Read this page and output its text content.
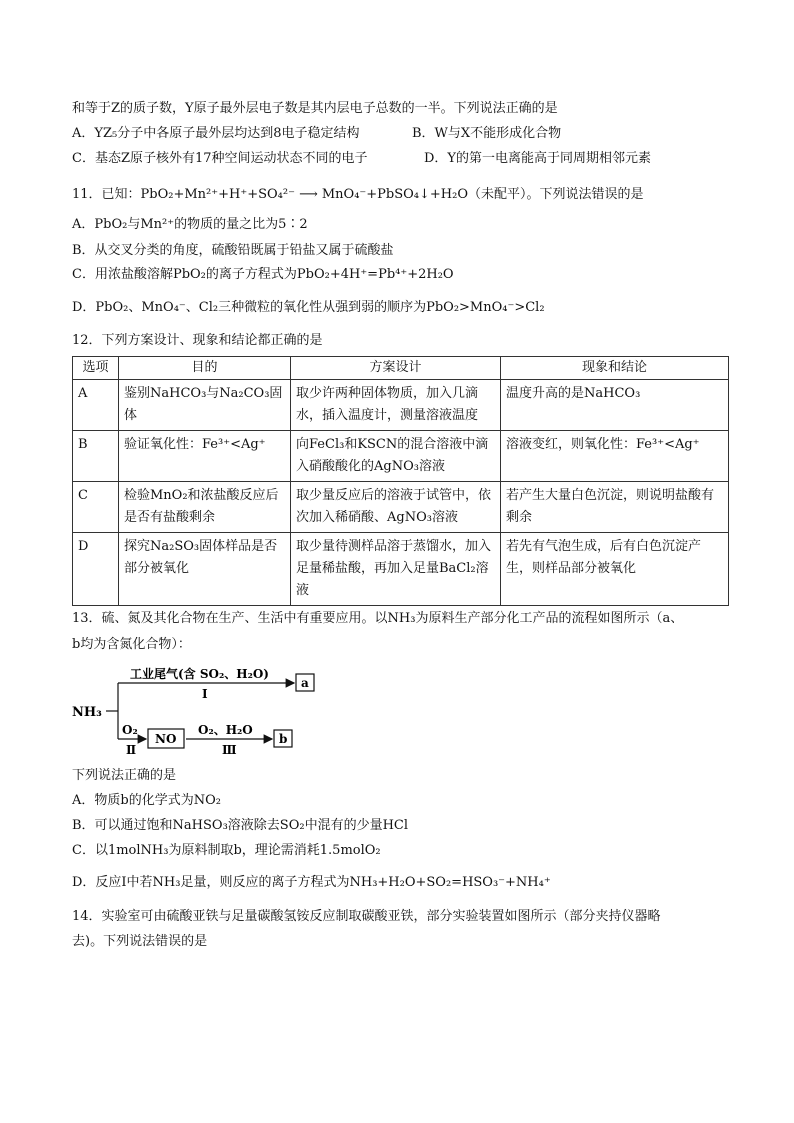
和等于Z的质子数，Y原子最外层电子数是其内层电子总数的一半。下列说法正确的是
A．YZ₅分子中各原子最外层均达到8电子稳定结构	B．W与X不能形成化合物
C．基态Z原子核外有17种空间运动状态不同的电子	D．Y的第一电离能高于同周期相邻元素
11．已知：PbO₂+Mn²⁺+H⁺+SO₄²⁻ ⟶ MnO₄⁻+PbSO₄↓+H₂O（未配平）。下列说法错误的是
A．PbO₂与Mn²⁺的物质的量之比为5∶2
B．从交叉分类的角度，硫酸铅既属于铅盐又属于硫酸盐
C．用浓盐酸溶解PbO₂的离子方程式为PbO₂+4H⁺=Pb⁴⁺+2H₂O
D．PbO₂、MnO₄⁻、Cl₂三种微粒的氧化性从强到弱的顺序为PbO₂>MnO₄⁻>Cl₂
12．下列方案设计、现象和结论都正确的是
选项	目的	方案设计	现象和结论
A	鉴别NaHCO₃与Na₂CO₃固体	取少许两种固体物质，加入几滴水，插入温度计，测量溶液温度	温度升高的是NaHCO₃
B	验证氧化性：Fe³⁺<Ag⁺	向FeCl₃和KSCN的混合溶液中滴入硝酸酸化的AgNO₃溶液	溶液变红，则氧化性：Fe³⁺<Ag⁺
C	检验MnO₂和浓盐酸反应后是否有盐酸剩余	取少量反应后的溶液于试管中，依次加入稀硝酸、AgNO₃溶液	若产生大量白色沉淀，则说明盐酸有剩余
D	探究Na₂SO₃固体样品是否部分被氧化	取少量待测样品溶于蒸馏水，加入足量稀盐酸，再加入足量BaCl₂溶液	若先有气泡生成，后有白色沉淀产生，则样品部分被氧化
13．硫、氮及其化合物在生产、生活中有重要应用。以NH₃为原料生产部分化工产品的流程如图所示（a、
b均为含氮化合物）：
NH₃
工业尾气(含 SO₂、H₂O)
Ⅰ
a
O₂
Ⅱ
NO
O₂、H₂O
Ⅲ
b
下列说法正确的是
A．物质b的化学式为NO₂
B．可以通过饱和NaHSO₃溶液除去SO₂中混有的少量HCl
C．以1molNH₃为原料制取b，理论需消耗1.5molO₂
D．反应Ⅰ中若NH₃足量，则反应的离子方程式为NH₃+H₂O+SO₂=HSO₃⁻+NH₄⁺
14．实验室可由硫酸亚铁与足量碳酸氢铵反应制取碳酸亚铁，部分实验装置如图所示（部分夹持仪器略
去)。下列说法错误的是
